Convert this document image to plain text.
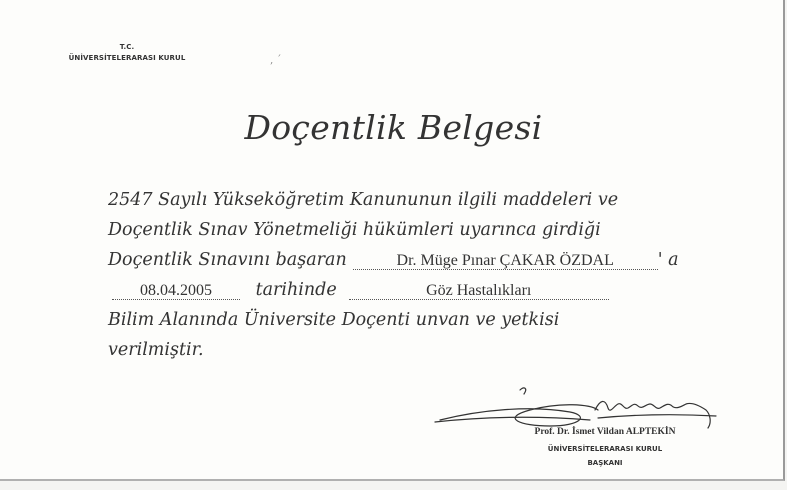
T.C.
ÜNİVERSİTELERARASI KURUL	‚ ˊ
Doçentlik Belgesi
2547 Sayılı Yükseköğretim Kanununun ilgili maddeleri ve
Doçentlik Sınav Yönetmeliği hükümleri uyarınca girdiği
Doçentlik Sınavını başaran	Dr. Müge Pınar ÇAKAR ÖZDAL	' a
08.04.2005 tarihinde	Göz Hastalıkları
Bilim Alanında Üniversite Doçenti unvan ve yetkisi
verilmiştir.
Prof. Dr. İsmet Vildan ALPTEKİN
ÜNİVERSİTELERARASI KURUL
BAŞKANI
